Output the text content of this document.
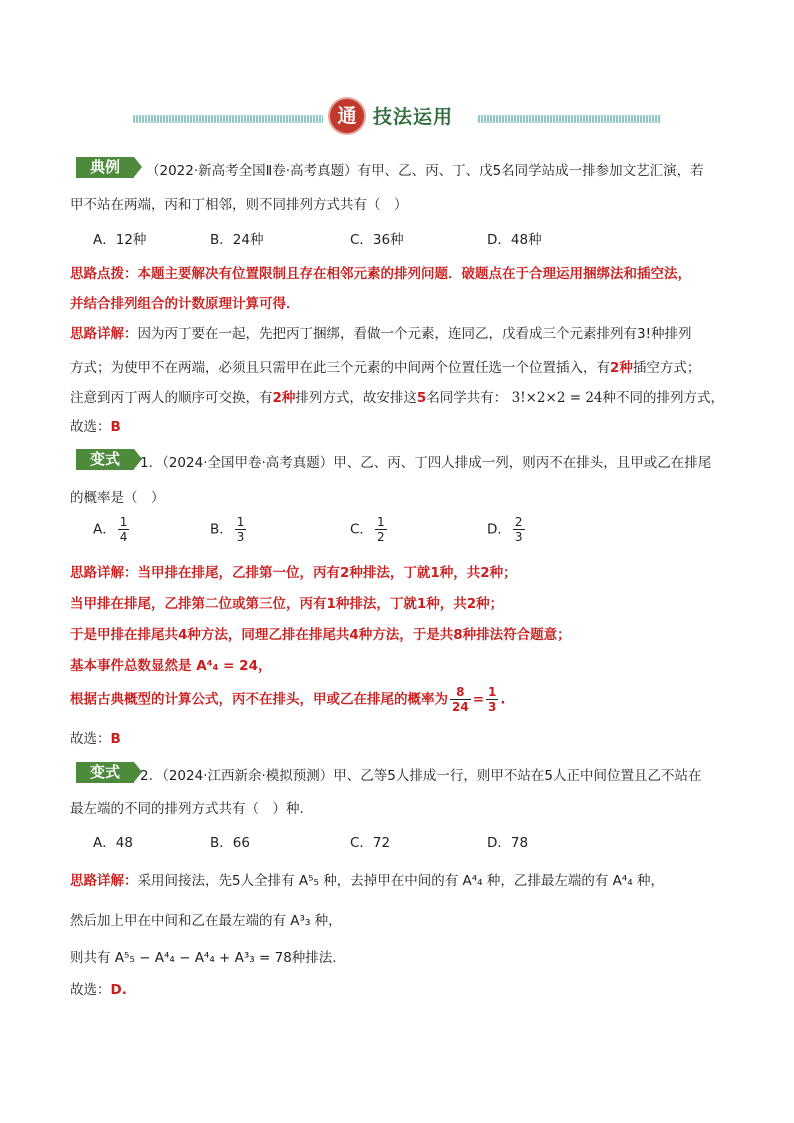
通 技法运用
典例	（2022·新高考全国Ⅱ卷·高考真题）有甲、乙、丙、丁、戊5名同学站成一排参加文艺汇演，若
甲不站在两端，丙和丁相邻，则不同排列方式共有（　）
A．12种	B．24种	C．36种	D．48种
思路点拨：本题主要解决有位置限制且存在相邻元素的排列问题．破题点在于合理运用捆绑法和插空法，
并结合排列组合的计数原理计算可得．
思路详解：因为丙丁要在一起，先把丙丁捆绑，看做一个元素，连同乙，戊看成三个元素排列有3!种排列
方式；为使甲不在两端，必须且只需甲在此三个元素的中间两个位置任选一个位置插入，有2种插空方式；
注意到丙丁两人的顺序可交换，有2种排列方式，故安排这5名同学共有： 3!×2×2 = 24种不同的排列方式，
故选：B
变式	1．（2024·全国甲卷·高考真题）甲、乙、丙、丁四人排成一列，则丙不在排头，且甲或乙在排尾
的概率是（　）
A． $\frac{1}{4}$	B． $\frac{1}{3}$	C． $\frac{1}{2}$	D． $\frac{2}{3}$
思路详解：当甲排在排尾，乙排第一位，丙有2种排法，丁就1种，共2种；
当甲排在排尾，乙排第二位或第三位，丙有1种排法，丁就1种，共2种；
于是甲排在排尾共4种方法，同理乙排在排尾共4种方法，于是共8种排法符合题意；
基本事件总数显然是 A⁴₄ = 24，
根据古典概型的计算公式，丙不在排头，甲或乙在排尾的概率为 $\frac{8}{24} = \frac{1}{3}$ .
故选：B
变式	2．（2024·江西新余·模拟预测）甲、乙等5人排成一行，则甲不站在5人正中间位置且乙不站在
最左端的不同的排列方式共有（　）种.
A．48	B．66	C．72	D．78
思路详解：采用间接法，先5人全排有 A⁵₅ 种，去掉甲在中间的有 A⁴₄ 种，乙排最左端的有 A⁴₄ 种，
然后加上甲在中间和乙在最左端的有 A³₃ 种，
则共有 A⁵₅ − A⁴₄ − A⁴₄ + A³₃ = 78种排法.
故选：D.
